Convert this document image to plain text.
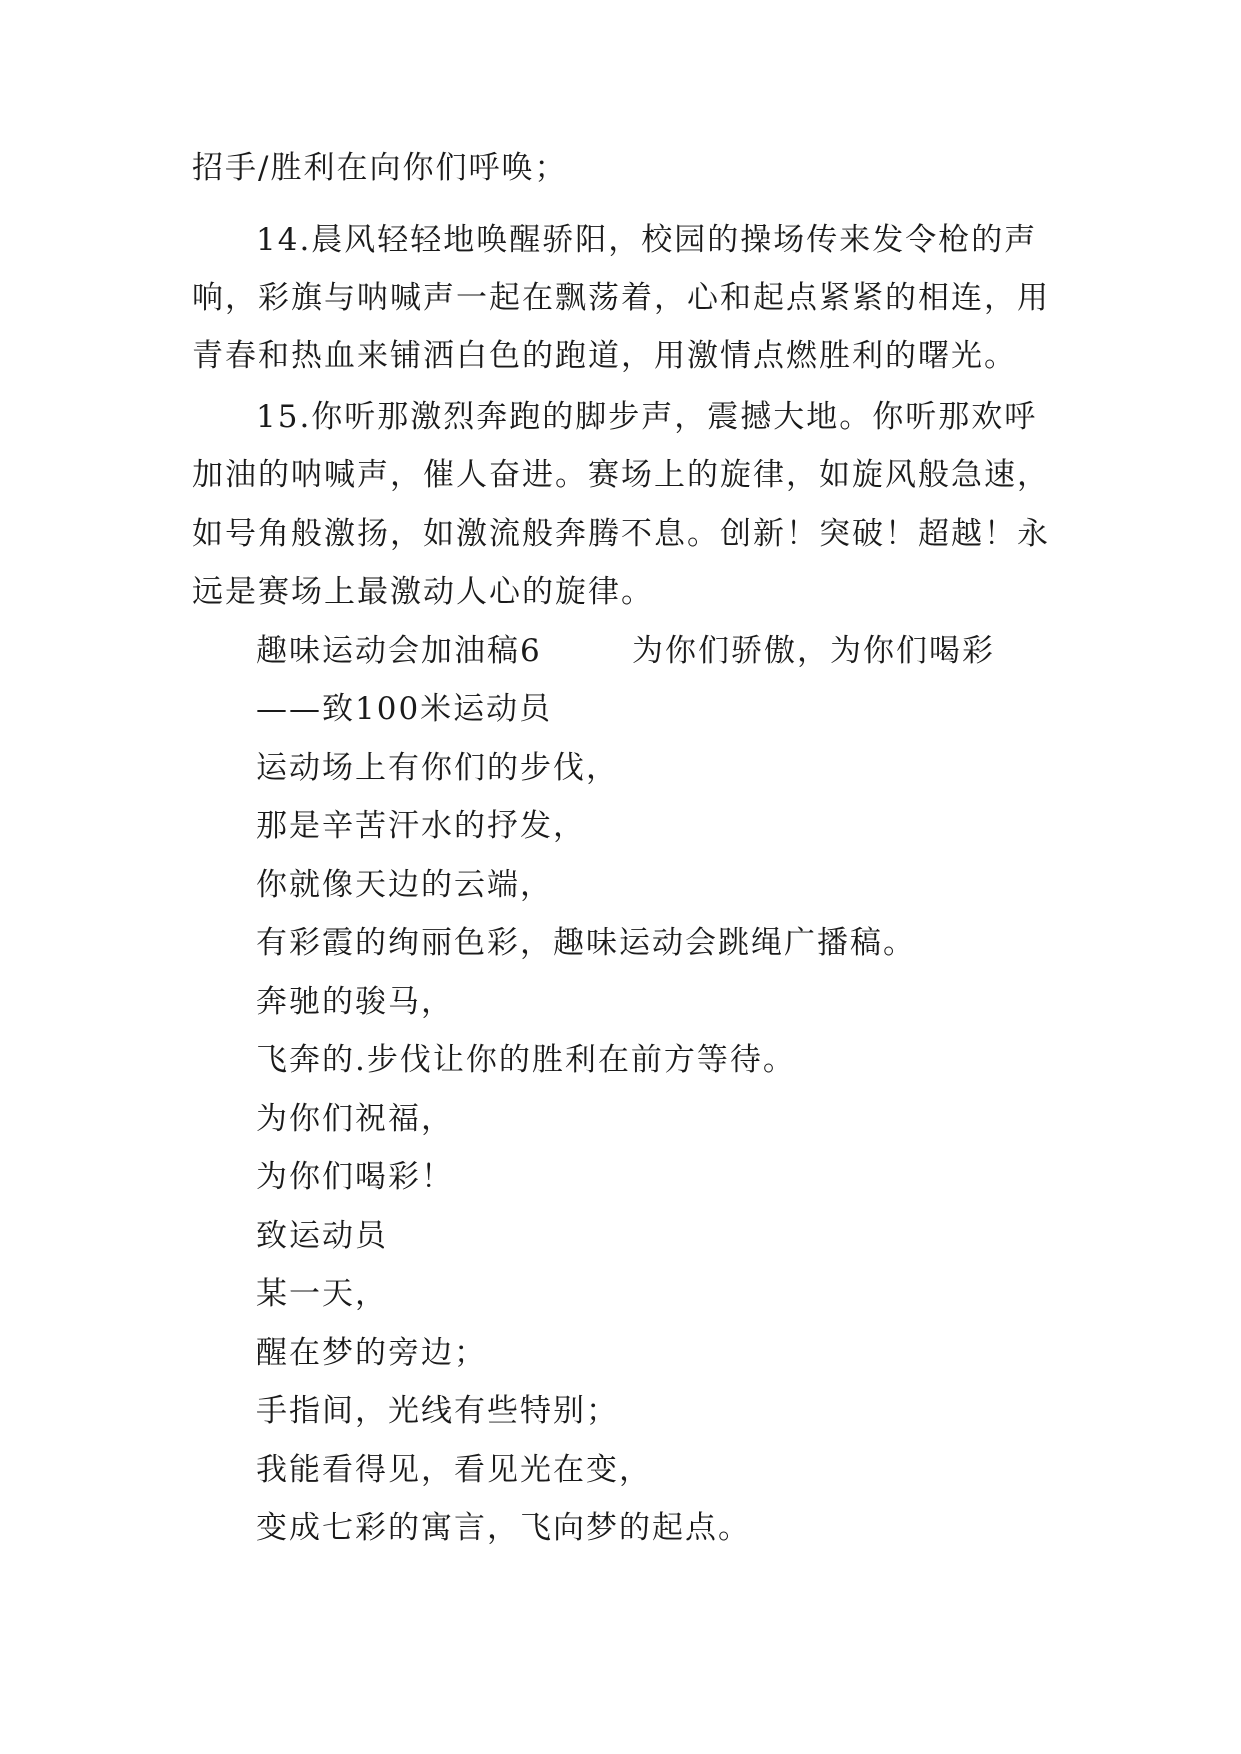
招手/胜利在向你们呼唤；
14.晨风轻轻地唤醒骄阳，校园的操场传来发令枪的声
响，彩旗与呐喊声一起在飘荡着，心和起点紧紧的相连，用
青春和热血来铺洒白色的跑道，用激情点燃胜利的曙光。
15.你听那激烈奔跑的脚步声，震撼大地。你听那欢呼
加油的呐喊声，催人奋进。赛场上的旋律，如旋风般急速，
如号角般激扬，如激流般奔腾不息。创新！突破！超越！永
远是赛场上最激动人心的旋律。
趣味运动会加油稿6	为你们骄傲，为你们喝彩
——致100米运动员
运动场上有你们的步伐，
那是辛苦汗水的抒发，
你就像天边的云端，
有彩霞的绚丽色彩，趣味运动会跳绳广播稿。
奔驰的骏马，
飞奔的.步伐让你的胜利在前方等待。
为你们祝福，
为你们喝彩！
致运动员
某一天，
醒在梦的旁边；
手指间，光线有些特别；
我能看得见，看见光在变，
变成七彩的寓言，飞向梦的起点。
